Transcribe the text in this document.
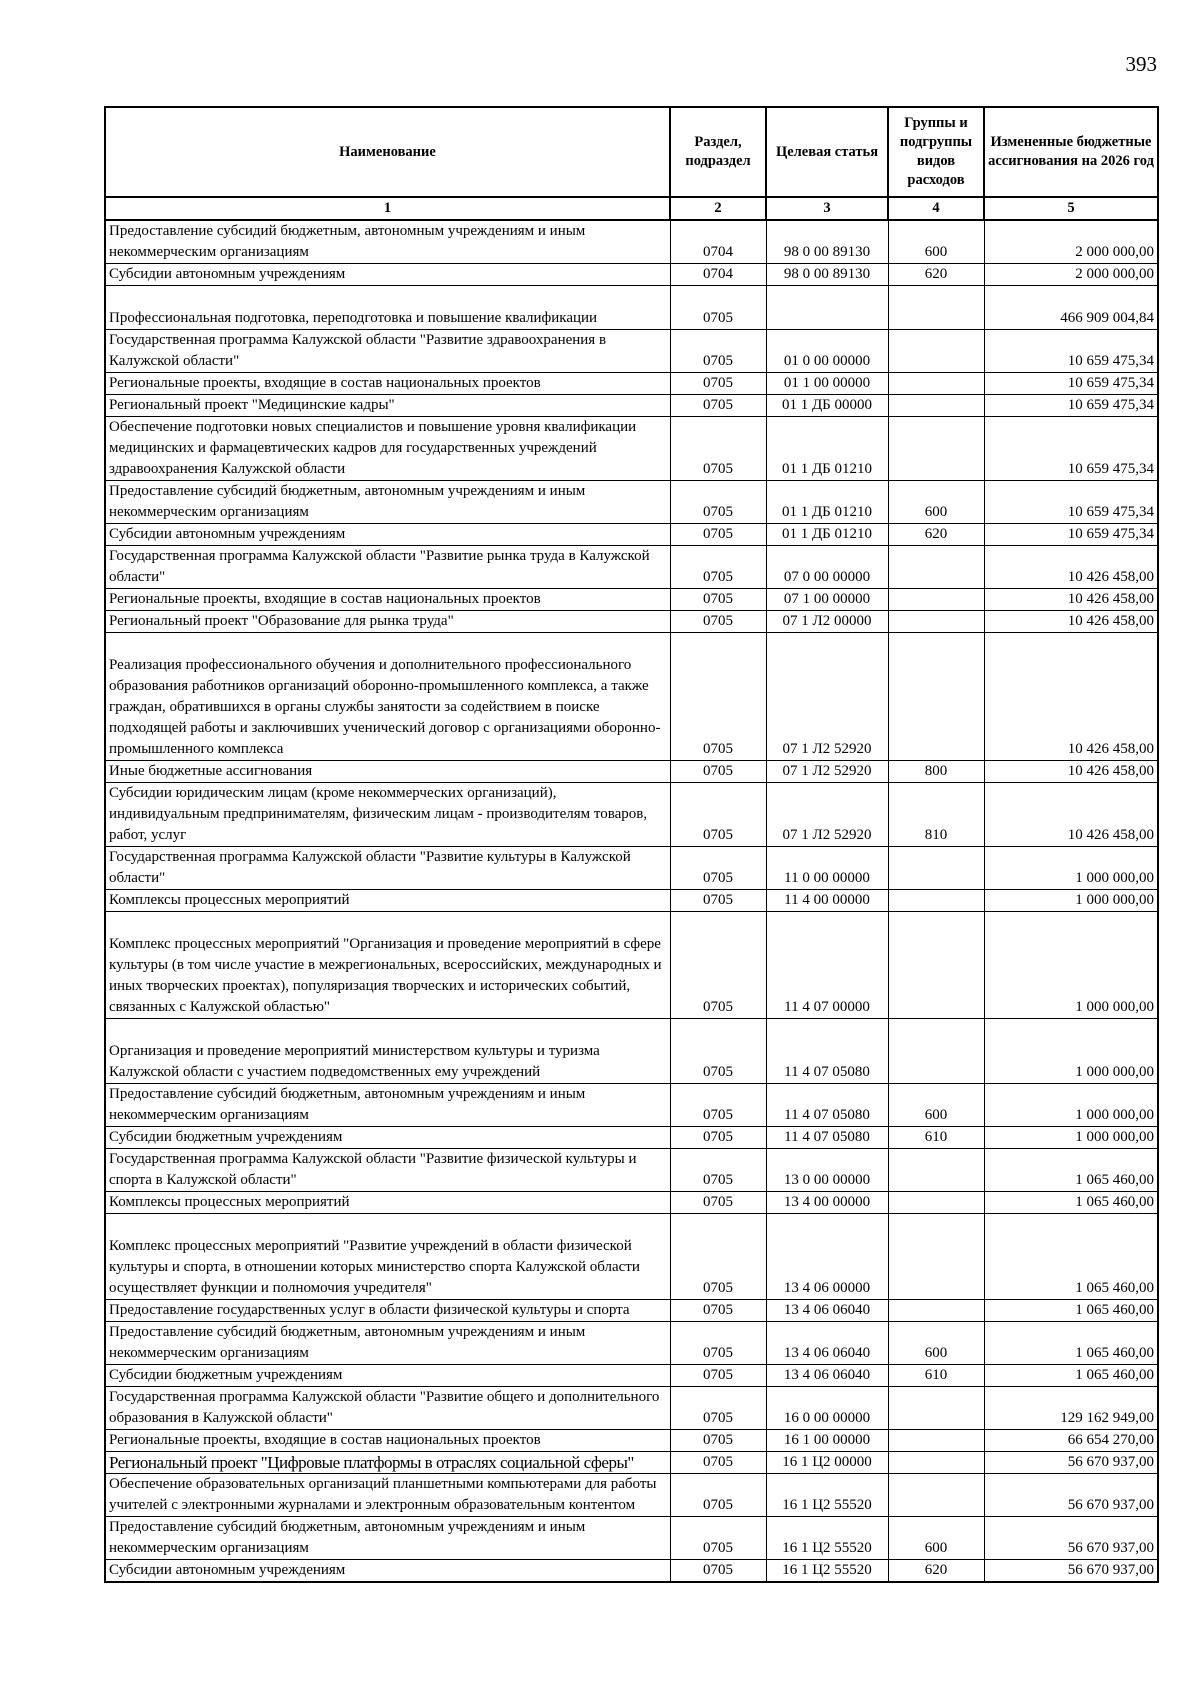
393
Наименование	Раздел, подраздел	Целевая статья	Группы и подгруппы видов расходов	Измененные бюджетные ассигнования на 2026 год
1	2	3	4	5
Предоставление субсидий бюджетным, автономным учреждениям и иным некоммерческим организациям	0704	98 0 00 89130	600	2 000 000,00
Субсидии автономным учреждениям	0704	98 0 00 89130	620	2 000 000,00
Профессиональная подготовка, переподготовка и повышение квалификации	0705			466 909 004,84
Государственная программа Калужской области "Развитие здравоохранения в Калужской области"	0705	01 0 00 00000		10 659 475,34
Региональные проекты, входящие в состав национальных проектов	0705	01 1 00 00000		10 659 475,34
Региональный проект "Медицинские кадры"	0705	01 1 ДБ 00000		10 659 475,34
Обеспечение подготовки новых специалистов и повышение уровня квалификации медицинских и фармацевтических кадров для государственных учреждений здравоохранения Калужской области	0705	01 1 ДБ 01210		10 659 475,34
Предоставление субсидий бюджетным, автономным учреждениям и иным некоммерческим организациям	0705	01 1 ДБ 01210	600	10 659 475,34
Субсидии автономным учреждениям	0705	01 1 ДБ 01210	620	10 659 475,34
Государственная программа Калужской области "Развитие рынка труда в Калужской области"	0705	07 0 00 00000		10 426 458,00
Региональные проекты, входящие в состав национальных проектов	0705	07 1 00 00000		10 426 458,00
Региональный проект "Образование для рынка труда"	0705	07 1 Л2 00000		10 426 458,00
Реализация профессионального обучения и дополнительного профессионального образования работников организаций оборонно-промышленного комплекса, а также граждан, обратившихся в органы службы занятости за содействием в поиске подходящей работы и заключивших ученический договор с организациями оборонно-промышленного комплекса	0705	07 1 Л2 52920		10 426 458,00
Иные бюджетные ассигнования	0705	07 1 Л2 52920	800	10 426 458,00
Субсидии юридическим лицам (кроме некоммерческих организаций), индивидуальным предпринимателям, физическим лицам - производителям товаров, работ, услуг	0705	07 1 Л2 52920	810	10 426 458,00
Государственная программа Калужской области "Развитие культуры в Калужской области"	0705	11 0 00 00000		1 000 000,00
Комплексы процессных мероприятий	0705	11 4 00 00000		1 000 000,00
Комплекс процессных мероприятий "Организация и проведение мероприятий в сфере культуры (в том числе участие в межрегиональных, всероссийских, международных и иных творческих проектах), популяризация творческих и исторических событий, связанных с Калужской областью"	0705	11 4 07 00000		1 000 000,00
Организация и проведение мероприятий министерством культуры и туризма Калужской области с участием подведомственных ему учреждений	0705	11 4 07 05080		1 000 000,00
Предоставление субсидий бюджетным, автономным учреждениям и иным некоммерческим организациям	0705	11 4 07 05080	600	1 000 000,00
Субсидии бюджетным учреждениям	0705	11 4 07 05080	610	1 000 000,00
Государственная программа Калужской области "Развитие физической культуры и спорта в Калужской области"	0705	13 0 00 00000		1 065 460,00
Комплексы процессных мероприятий	0705	13 4 00 00000		1 065 460,00
Комплекс процессных мероприятий "Развитие учреждений в области физической культуры и спорта, в отношении которых министерство спорта Калужской области осуществляет функции и полномочия учредителя"	0705	13 4 06 00000		1 065 460,00
Предоставление государственных услуг в области физической культуры и спорта	0705	13 4 06 06040		1 065 460,00
Предоставление субсидий бюджетным, автономным учреждениям и иным некоммерческим организациям	0705	13 4 06 06040	600	1 065 460,00
Субсидии бюджетным учреждениям	0705	13 4 06 06040	610	1 065 460,00
Государственная программа Калужской области "Развитие общего и дополнительного образования в Калужской области"	0705	16 0 00 00000		129 162 949,00
Региональные проекты, входящие в состав национальных проектов	0705	16 1 00 00000		66 654 270,00
Региональный проект "Цифровые платформы в отраслях социальной сферы"	0705	16 1 Ц2 00000		56 670 937,00
Обеспечение образовательных организаций планшетными компьютерами для работы учителей с электронными журналами и электронным образовательным контентом	0705	16 1 Ц2 55520		56 670 937,00
Предоставление субсидий бюджетным, автономным учреждениям и иным некоммерческим организациям	0705	16 1 Ц2 55520	600	56 670 937,00
Субсидии автономным учреждениям	0705	16 1 Ц2 55520	620	56 670 937,00
